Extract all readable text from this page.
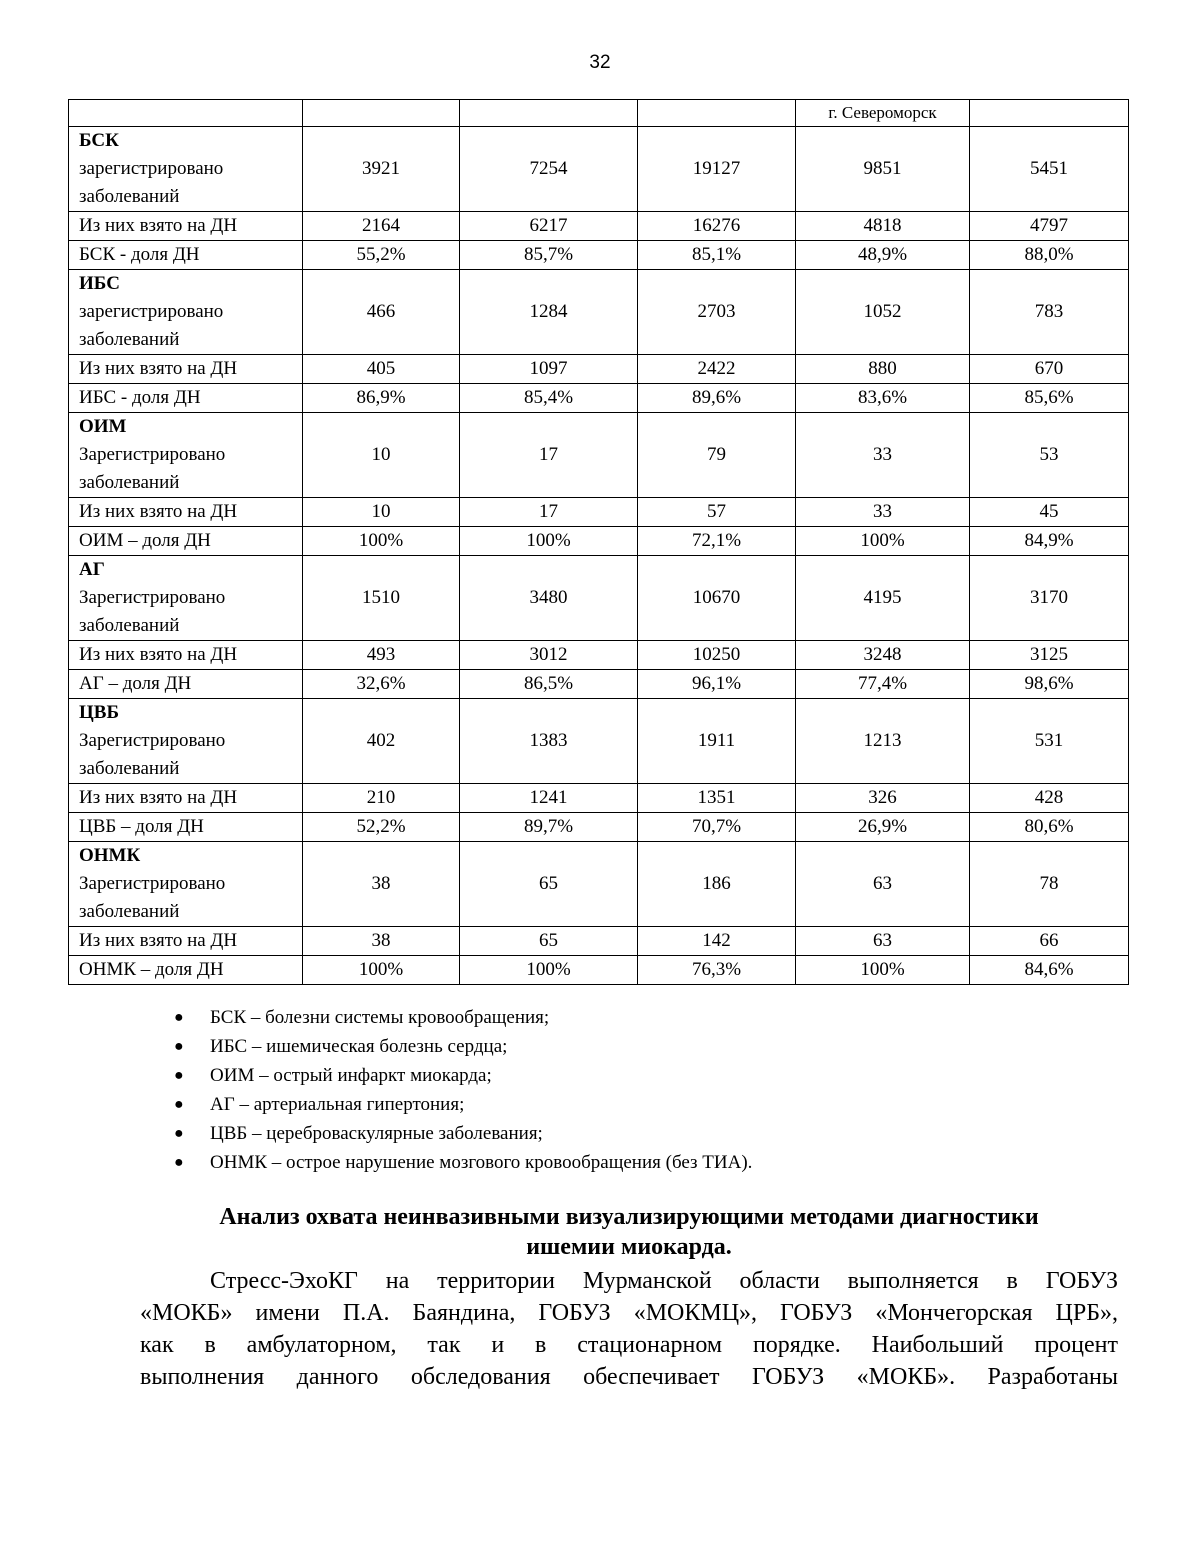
32
				г. Североморск	

БСК
зарегистрировано
заболеваний	3921	7254	19127	9851	5451
Из них взято на ДН	2164	6217	16276	4818	4797
БСК - доля ДН	55,2%	85,7%	85,1%	48,9%	88,0%

ИБС
зарегистрировано
заболеваний	466	1284	2703	1052	783
Из них взято на ДН	405	1097	2422	880	670
ИБС - доля ДН	86,9%	85,4%	89,6%	83,6%	85,6%

ОИМ
Зарегистрировано
заболеваний	10	17	79	33	53
Из них взято на ДН	10	17	57	33	45
ОИМ – доля ДН	100%	100%	72,1%	100%	84,9%

АГ
Зарегистрировано
заболеваний	1510	3480	10670	4195	3170
Из них взято на ДН	493	3012	10250	3248	3125
АГ – доля ДН	32,6%	86,5%	96,1%	77,4%	98,6%

ЦВБ
Зарегистрировано
заболеваний	402	1383	1911	1213	531
Из них взято на ДН	210	1241	1351	326	428
ЦВБ – доля ДН	52,2%	89,7%	70,7%	26,9%	80,6%

ОНМК
Зарегистрировано
заболеваний	38	65	186	63	78
Из них взято на ДН	38	65	142	63	66
ОНМК – доля ДН	100%	100%	76,3%	100%	84,6%
● БСК – болезни системы кровообращения;
● ИБС – ишемическая болезнь сердца;
● ОИМ – острый инфаркт миокарда;
● АГ – артериальная гипертония;
● ЦВБ – цереброваскулярные заболевания;
● ОНМК – острое нарушение мозгового кровообращения (без ТИА).
Анализ охвата неинвазивными визуализирующими методами диагностики
ишемии миокарда.
Стресс-ЭхоКГ на территории Мурманской области выполняется в ГОБУЗ
«МОКБ» имени П.А. Баяндина, ГОБУЗ «МОКМЦ», ГОБУЗ «Мончегорская ЦРБ»,
как в амбулаторном, так и в стационарном порядке. Наибольший процент
выполнения данного обследования обеспечивает ГОБУЗ «МОКБ». Разработаны
